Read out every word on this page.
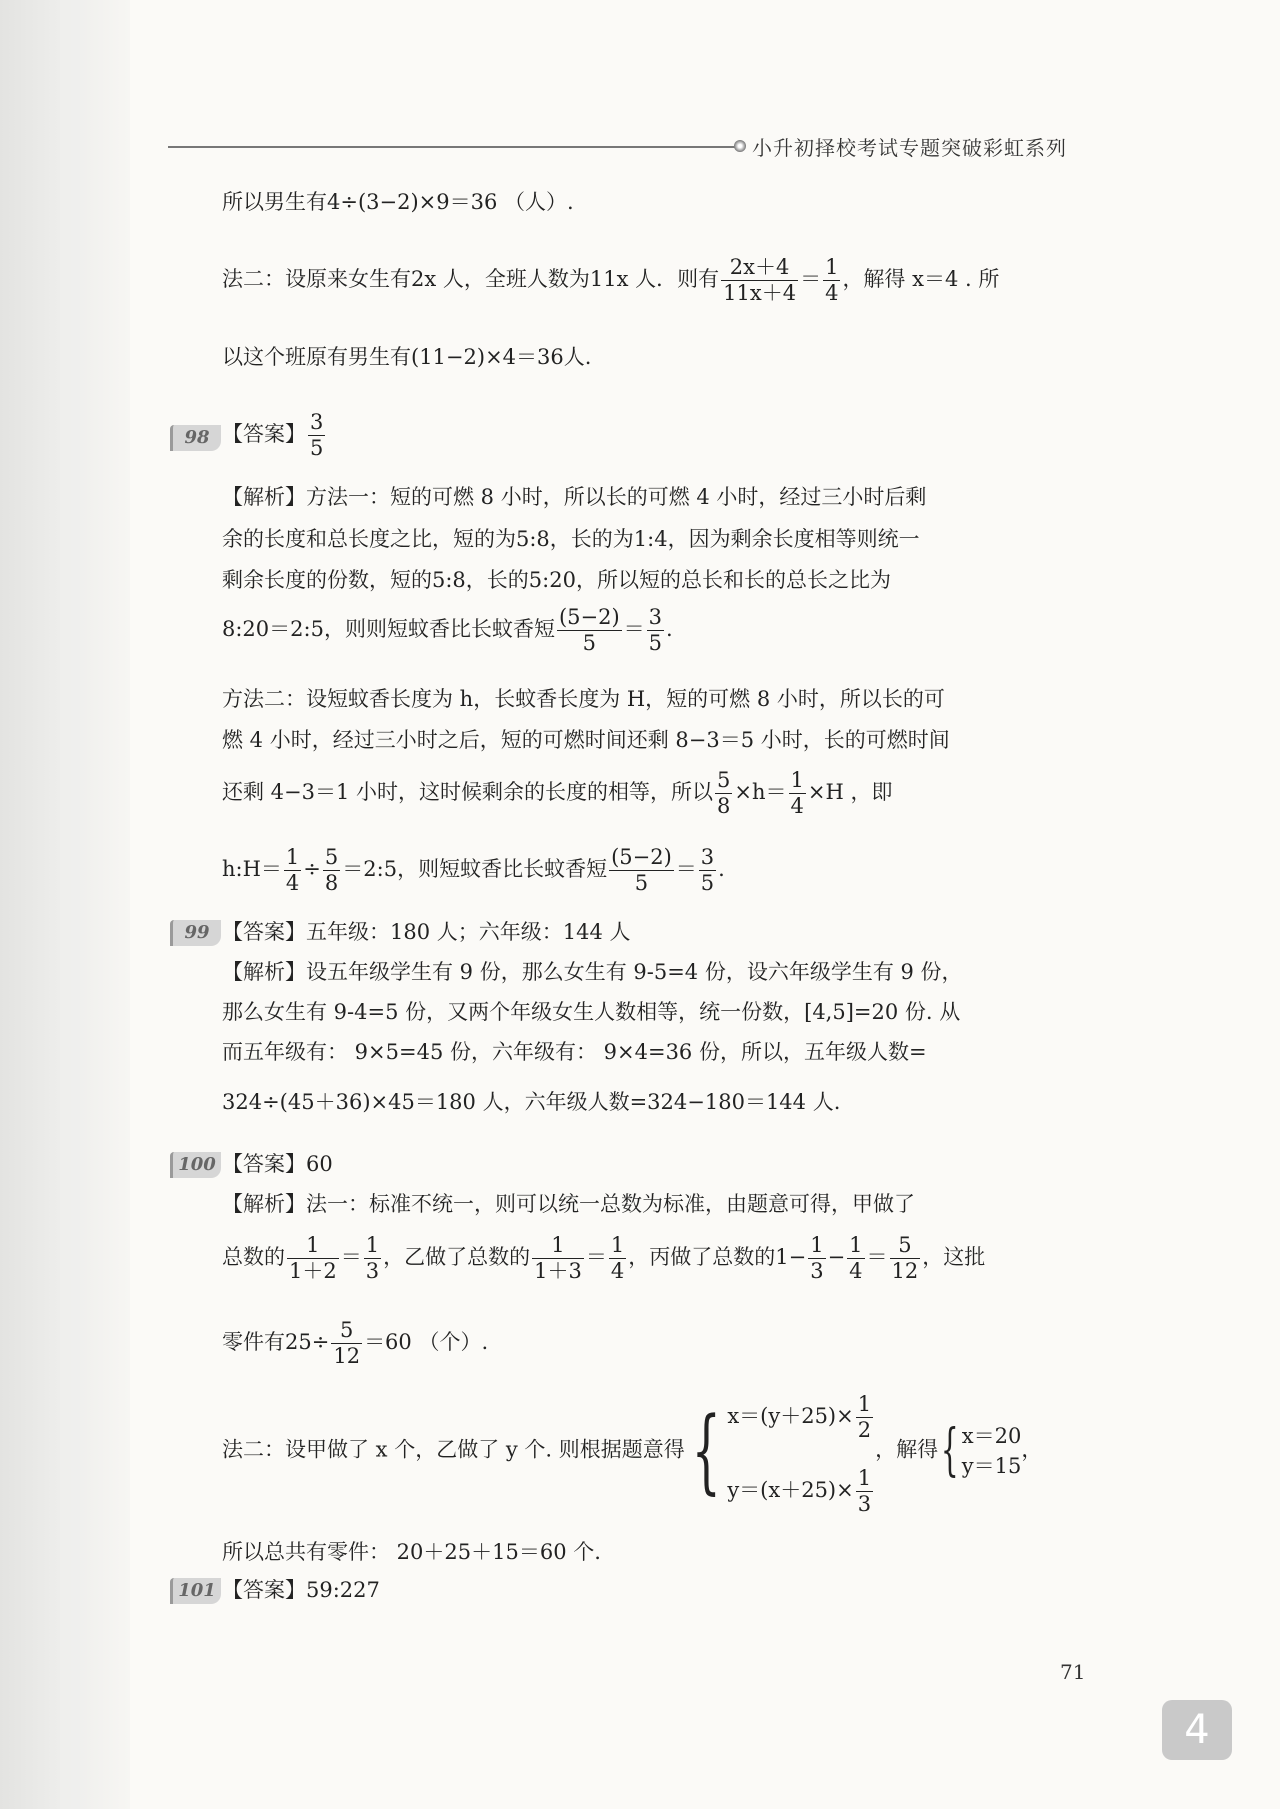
小升初择校考试专题突破彩虹系列
所以男生有4÷(3−2)×9＝36 （人）.
法二：设原来女生有2x 人，全班人数为11x 人．则有 $\frac{2x+4}{11x+4} = \frac{1}{4}$ ，解得 x＝4 . 所
以这个班原有男生有(11−2)×4＝36人.
98 【答案】 $\frac{3}{5}$
【解析】方法一：短的可燃 8 小时，所以长的可燃 4 小时，经过三小时后剩
余的长度和总长度之比，短的为5:8，长的为1:4，因为剩余长度相等则统一
剩余长度的份数，短的5:8，长的5:20，所以短的总长和长的总长之比为
8:20＝2:5，则则短蚊香比长蚊香短 $\frac{(5-2)}{5} = \frac{3}{5}$ .
方法二：设短蚊香长度为 h，长蚊香长度为 H，短的可燃 8 小时，所以长的可
燃 4 小时，经过三小时之后，短的可燃时间还剩 8−3＝5 小时，长的可燃时间
还剩 4−3＝1 小时，这时候剩余的长度的相等，所以 $\frac{5}{8} \times h= \frac{1}{4} \times H$ ，即
h:H＝ $\frac{1}{4} \div \frac{5}{8}$ ＝2:5，则短蚊香比长蚊香短 $\frac{(5-2)}{5} = \frac{3}{5}$ .
99 【答案】五年级：180 人；六年级：144 人
【解析】设五年级学生有 9 份，那么女生有 9-5=4 份，设六年级学生有 9 份，
那么女生有 9-4=5 份，又两个年级女生人数相等，统一份数，[4,5]=20 份. 从
而五年级有： 9×5=45 份，六年级有： 9×4=36 份，所以，五年级人数=
324÷(45＋36)×45＝180 人，六年级人数=324−180＝144 人.
100 【答案】60
【解析】法一：标准不统一，则可以统一总数为标准，由题意可得，甲做了
总数的 $\frac{1}{1+2} = \frac{1}{3}$ ，乙做了总数的 $\frac{1}{1+3} = \frac{1}{4}$ ，丙做了总数的$1- \frac{1}{3} - \frac{1}{4} = \frac{5}{12}$ ，这批
零件有$25\div \frac{5}{12} =60$ （个）.
法二：设甲做了 x 个，乙做了 y 个. 则根据题意得{ $x=(y+25)\times \frac{1}{2}$
$y=(x+25)\times \frac{1}{3}$
，解得{ x＝20
y＝15
，
所以总共有零件： 20＋25＋15＝60 个.
101 【答案】59:227
71
4
